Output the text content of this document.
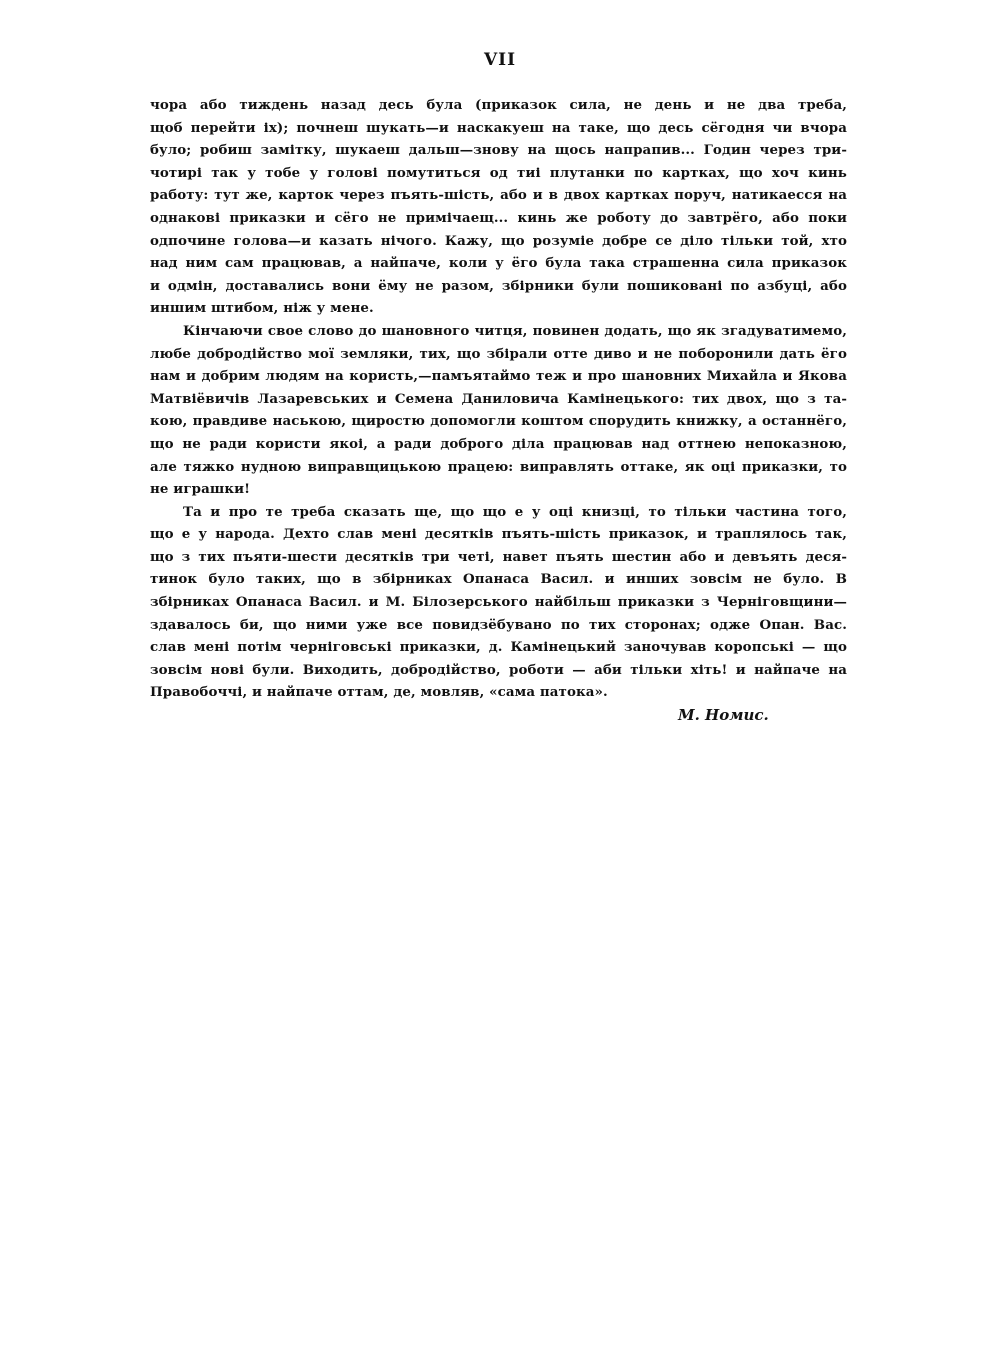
VII
чора або тиждень назад десь була (приказок сила, не день и не два треба,
щоб перейти іх); почнеш шукать—и наскакуеш на таке, що десь сёгодня чи вчора
було; робиш замітку, шукаеш дальш—знову на щось напрапив... Годин через три-
чотирі так у тобе у голові помутиться од тиі плутанки по картках, що хоч кинь
работу: тут же, карток через пъять-шість, або и в двох картках поруч, натикаесся на
однакові приказки и сёго не примічаещ... кинь же роботу до завтрёго, або поки
одпочине голова—и казать нічого. Кажу, що розуміе добре се діло тільки той, хто
над ним сам працював, а найпаче, коли у ёго була така страшенна сила приказок
и одмін, доставались вони ёму не разом, збірники були пошиковані по азбуці, або
иншим штибом, ніж у мене.
Кінчаючи свое слово до шановного читця, повинен додать, що як згадуватимемо,
любе добродійство мої земляки, тих, що збірали отте диво и не поборонили дать ёго
нам и добрим людям на користь,—памъятаймо теж и про шановних Михайла и Якова
Матвіёвичів Лазаревських и Семена Даниловича Камінецького: тих двох, що з та-
кою, правдиве наською, щиростю допомогли коштом спорудить книжку, а останнёго,
що не ради користи якоі, а ради доброго діла працював над оттнею непоказною,
але тяжко нудною виправщицькою працею: виправлять оттаке, як оці приказки, то
не играшки!
Та и про те треба сказать ще, що що е у оці книзці, то тільки частина того,
що е у народа. Дехто слав мені десятків пъять-шість приказок, и траплялось так,
що з тих пъяти-шести десятків три четі, навет пъять шестин або и девъять деся-
тинок було таких, що в збірниках Опанаса Васил. и инших зовсім не було. В
збірниках Опанаса Васил. и М. Білозерського найбільш приказки з Черніговщини—
здавалось би, що ними уже все повидзёбувано по тих сторонах; одже Опан. Вас.
слав мені потім черніговські приказки, д. Камінецький заночував коропські — що
зовсім нові були. Виходить, добродійство, роботи — аби тільки хіть! и найпаче на
Правобоччі, и найпаче оттам, де, мовляв, «сама патока».
М. Номис.
